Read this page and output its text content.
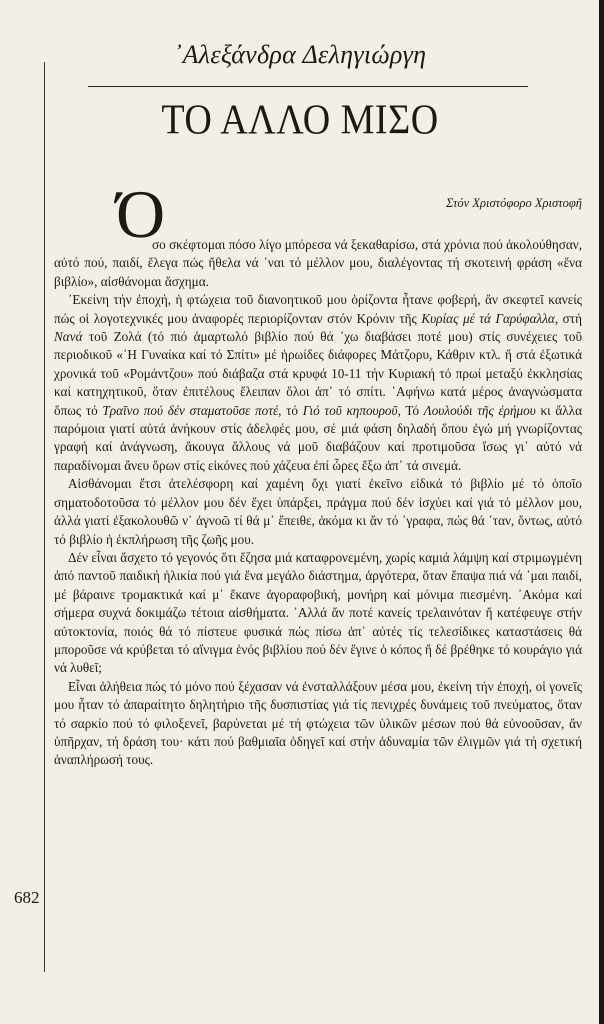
᾿Αλεξάνδρα Δεληγιώργη
ΤΟ ΑΛΛΟ ΜΙΣΟ
Στόν Χριστόφορο Χριστοφῆ
Ό

σο σκέφτομαι πόσο λίγο μπόρεσα νά ξεκαθαρίσω, στά χρόνια πού ἀκολούθησαν, αὐτό πού, παιδί, ἔλεγα πώς ἤθελα νά ᾿ναι τό μέλλον μου, διαλέγοντας τή σκοτεινή φράση «ἕνα βιβλίο», αἰσθάνομαι ἄσχημα.

᾿Εκείνη τήν ἐποχή, ἡ φτώχεια τοῦ διανοητικοῦ μου ὁρίζοντα ἦτανε φοβερή, ἄν σκεφτεῖ κανείς πώς οἱ λογοτεχνικές μου ἀναφορές περιορίζονταν στόν Κρόνιν τῆς Κυρίας μέ τά Γαρύφαλλα, στή Νανά τοῦ Ζολά (τό πιό ἁμαρτωλό βιβλίο πού θά ᾿χω διαβάσει ποτέ μου) στίς συνέχειες τοῦ περιοδικοῦ «῾Η Γυναίκα καί τό Σπίτι» μέ ἡρωίδες διάφορες Μάτζορυ, Κάθριν κτλ. ἤ στά ἐξωτικά χρονικά τοῦ «Ρομάντζου» πού διάβαζα στά κρυφά 10-11 τήν Κυριακή τό πρωί μεταξύ ἐκκλησίας καί κατηχητικοῦ, ὅταν ἐπιτέλους ἔλειπαν ὅλοι ἀπ᾿ τό σπίτι. ᾿Αφήνω κατά μέρος ἀναγνώσματα ὅπως τό Τραῖνο πού δέν σταματοῦσε ποτέ, τό Γιό τοῦ κηπουροῦ, Τό Λουλούδι τῆς ἐρήμου κι ἄλλα παρόμοια γιατί αὐτά ἀνήκουν στίς ἀδελφές μου, σέ μιά φάση δηλαδή ὅπου ἐγώ μή γνωρίζοντας γραφή καί ἀνάγνωση, ἄκουγα ἄλλους νά μοῦ διαβάζουν καί προτιμοῦσα ἴσως γι᾿ αὐτό νά παραδίνομαι ἄνευ ὅρων στίς εἰκόνες πού χάζευα ἐπί ὧρες ἔξω ἀπ᾿ τά σινεμά.

Αἰσθάνομαι ἔτσι ἀτελέσφορη καί χαμένη ὄχι γιατί ἐκεῖνο εἰδικά τό βιβλίο μέ τό ὁποῖο σηματοδοτοῦσα τό μέλλον μου δέν ἔχει ὑπάρξει, πράγμα πού δέν ἰσχύει καί γιά τό μέλλον μου, ἀλλά γιατί ἐξακολουθῶ ν᾿ ἀγνοῶ τί θά μ᾿ ἔπειθε, ἀκόμα κι ἄν τό ᾿γραφα, πώς θά ᾿ταν, ὄντως, αὐτό τό βιβλίο ἡ ἐκπλήρωση τῆς ζωῆς μου.

Δέν εἶναι ἄσχετο τό γεγονός ὅτι ἔζησα μιά καταφρονεμένη, χωρίς καμιά λάμψη καί στριμωγμένη ἀπό παντοῦ παιδική ἡλικία πού γιά ἕνα μεγάλο διάστημα, ἀργότερα, ὅταν ἔπαψα πιά νά ᾿μαι παιδί, μέ βάραινε τρομακτικά καί μ᾿ ἔκανε ἀγοραφοβική, μονήρη καί μόνιμα πιεσμένη. ᾿Ακόμα καί σήμερα συχνά δοκιμάζω τέτοια αἰσθήματα. ᾿Αλλά ἄν ποτέ κανείς τρελαινόταν ἤ κατέφευγε στήν αὐτοκτονία, ποιός θά τό πίστευε φυσικά πώς πίσω ἀπ᾿ αὐτές τίς τελεσίδικες καταστάσεις θά μποροῦσε νά κρύβεται τό αἴνιγμα ἑνός βιβλίου πού δέν ἔγινε ὁ κόπος ἤ δέ βρέθηκε τό κουράγιο γιά νά λυθεῖ;

Εἶναι ἀλήθεια πώς τό μόνο πού ξέχασαν νά ἐνσταλλάξουν μέσα μου, ἐκείνη τήν ἐποχή, οἱ γονεῖς μου ἦταν τό ἀπαραίτητο δηλητήριο τῆς δυσπιστίας γιά τίς πενιχρές δυνάμεις τοῦ πνεύματος, ὅταν τό σαρκίο πού τό φιλοξενεῖ, βαρύνεται μέ τή φτώχεια τῶν ὑλικῶν μέσων πού θά εὐνοοῦσαν, ἄν ὑπῆρχαν, τή δράση του· κάτι πού βαθμιαῖα ὁδηγεῖ καί στήν ἀδυναμία τῶν ἐλιγμῶν γιά τή σχετική ἀναπλήρωσή τους.

682
